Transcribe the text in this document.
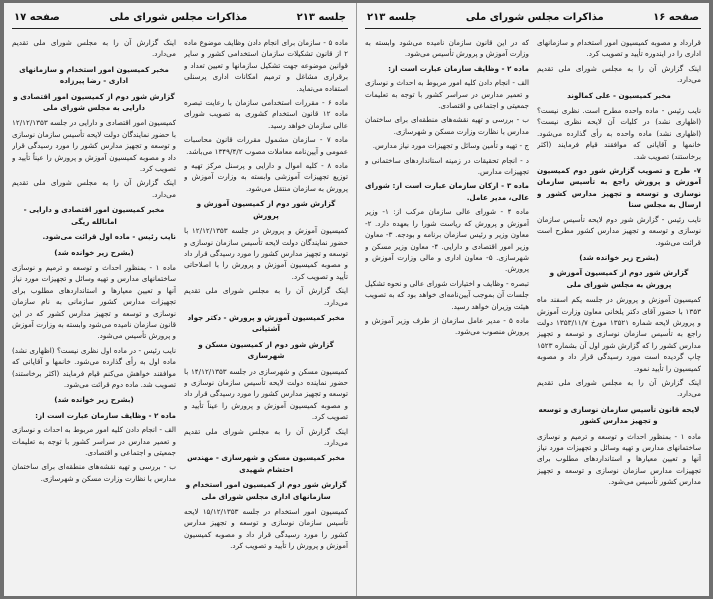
جلسه ۲۱۳
مذاکرات مجلس شورای ملی
صفحه ۱۷

ماده ۵ - سازمان برای انجام دادن وظایف موضوع ماده ۲ از قانون تشکیلات سازمان استخدامی کشور و سایر قوانین موضوعه جهت تشکیل سازمانها و تعیین تعداد و برقراری مشاغل و ترمیم امکانات اداری پرسنلی استفاده می‌نماید.

ماده ۶ - مقررات استخدامی سازمان با رعایت تبصره ماده ۱۲ قانون استخدام کشوری به تصویب شورای عالی سازمان خواهد رسید.

ماده ۷ - سازمان مشمول مقررات قانون محاسبات عمومی و آیین‌نامه معاملات مصوب ۱۳۴۹/۴/۲ می‌باشد.

ماده ۸ - کلیه اموال و دارایی و پرسنل مرکز تهیه و توزیع تجهیزات آموزشی وابسته به وزارت آموزش و پرورش به سازمان منتقل می‌شود.

گزارش شور دوم از کمیسیون آموزش و پرورش

کمیسیون آموزش و پرورش در جلسه ۱۲/۱۲/۱۳۵۳ با حضور نمایندگان دولت لایحه تأسیس سازمان نوسازی و توسعه و تجهیز مدارس کشور را مورد رسیدگی قرار داد و مصوبه کمیسیون آموزش و پرورش را با اصلاحاتی تأیید و تصویب کرد.

اینک گزارش آن را به مجلس شورای ملی تقدیم می‌دارد.

مخبر کمیسیون آموزش و پرورش - دکتر جواد آشتیانی

گزارش شور دوم از کمیسیون مسکن و شهرسازی

کمیسیون مسکن و شهرسازی در جلسه ۱۴/۱۲/۱۳۵۳ با حضور نماینده دولت لایحه تأسیس سازمان نوسازی و توسعه و تجهیز مدارس کشور را مورد رسیدگی قرار داد و مصوبه کمیسیون آموزش و پرورش را عیناً تأیید و تصویب کرد.

اینک گزارش آن را به مجلس شورای ملی تقدیم می‌دارد.

مخبر کمیسیون مسکن و شهرسازی - مهندس احتشام شهیدی

گزارش شور دوم از کمیسیون امور استخدام و سازمانهای اداری مجلس شورای ملی

کمیسیون امور استخدام در جلسه ۱۵/۱۲/۱۳۵۳ لایحه تأسیس سازمان نوسازی و توسعه و تجهیز مدارس کشور را مورد رسیدگی قرار داد و مصوبه کمیسیون آموزش و پرورش را تأیید و تصویب کرد.

اینک گزارش آن را به مجلس شورای ملی تقدیم می‌دارد.

مخبر کمیسیون امور استخدام و سازمانهای اداری - رضا پیرزاده

گزارش شور دوم از کمیسیون امور اقتصادی و دارایی به مجلس شورای ملی

کمیسیون امور اقتصادی و دارایی در جلسه ۱۲/۱۲/۱۳۵۳ با حضور نمایندگان دولت لایحه تأسیس سازمان نوسازی و توسعه و تجهیز مدارس کشور را مورد رسیدگی قرار داد و مصوبه کمیسیون آموزش و پرورش را عیناً تأیید و تصویب کرد.

اینک گزارش آن را به مجلس شورای ملی تقدیم می‌دارد.

مخبر کمیسیون امور اقتصادی و دارایی - امانالله ریگی

نایب رئیس - ماده اول قرائت می‌شود.

(بشرح زیر خوانده شد)

ماده ۱ - بمنظور احداث و توسعه و ترمیم و نوسازی ساختمانهای مدارس و تهیه وسائل و تجهیزات مورد نیاز آنها و تعیین معیارها و استانداردهای مطلوب برای تجهیزات مدارس کشور سازمانی به نام سازمان نوسازی و توسعه و تجهیز مدارس کشور که در این قانون سازمان نامیده می‌شود وابسته به وزارت آموزش و پرورش تأسیس می‌شود.

نایب رئیس - در ماده اول نظری نیست؟ (اظهاری نشد) ماده اول به رأی گذارده می‌شود. خانمها و آقایانی که موافقند خواهش می‌کنم قیام فرمایند (اکثر برخاستند) تصویب شد. ماده دوم قرائت می‌شود.

(بشرح زیر خوانده شد)

ماده ۲ - وظایف سازمان عبارت است از:

الف - انجام دادن کلیه امور مربوط به احداث و نوسازی و تعمیر مدارس در سراسر کشور با توجه به تعلیمات جمعیتی و اجتماعی و اقتصادی.

ب - بررسی و تهیه نقشه‌های منطقه‌ای برای ساختمان مدارس با نظارت وزارت مسکن و شهرسازی.

صفحه ۱۶
مذاکرات مجلس شورای ملی
جلسه ۲۱۳

قرارداد و مصوبه کمیسیون امور استخدام و سازمانهای اداری را در ایندوره تأیید و تصویب کرد.

اینک گزارش آن را به مجلس شورای ملی تقدیم می‌دارد.

مخبر کمیسیون - علی کمالوند

نایب رئیس - ماده واحده مطرح است. نظری نیست؟ (اظهاری نشد) در کلیات آن لایحه نظری نیست؟ (اظهاری نشد) ماده واحده به رأی گذارده می‌شود. خانمها و آقایانی که موافقند قیام فرمایند (اکثر برخاستند) تصویب شد.

۷- طرح و تصویب گزارش شور دوم کمیسیون آموزش و پرورش راجع به تأسیس سازمان نوسازی و توسعه و تجهیز مدارس کشور و ارسال به مجلس سنا

نایب رئیس - گزارش شور دوم لایحه تأسیس سازمان نوسازی و توسعه و تجهیز مدارس کشور مطرح است قرائت می‌شود.

(بشرح زیر خوانده شد)

گزارش شور دوم از کمیسیون آموزش و پرورش به مجلس شورای ملی

کمیسیون آموزش و پرورش در جلسه یکم اسفند ماه ۱۳۵۳ با حضور آقای دکتر یلخانی معاون وزارت آموزش و پرورش لایحه شماره ۱۳۵۲۱ مورخ ۱۳۵۳/۱۱/۷ دولت راجع به تأسیس سازمان نوسازی و توسعه و تجهیز مدارس کشور را که گزارش شور اول آن بشماره ۱۵۲۳ چاپ گردیده است مورد رسیدگی قرار داد و مصوبه کمیسیون را تأیید نمود.

اینک گزارش آن را به مجلس شورای ملی تقدیم می‌دارد.

لایحه قانون تأسیس سازمان نوسازی و توسعه و تجهیز مدارس کشور

ماده ۱ - بمنظور احداث و توسعه و ترمیم و نوسازی ساختمانهای مدارس و تهیه وسائل و تجهیزات مورد نیاز آنها و تعیین معیارها و استانداردهای مطلوب برای تجهیزات مدارس سازمان نوسازی و توسعه و تجهیز مدارس کشور تأسیس می‌شود.

که در این قانون سازمان نامیده می‌شود وابسته به وزارت آموزش و پرورش تأسیس می‌شود.

ماده ۲ - وظایف سازمان عبارت است از:

الف - انجام دادن کلیه امور مربوط به احداث و نوسازی و تعمیر مدارس در سراسر کشور با توجه به تعلیمات جمعیتی و اجتماعی و اقتصادی.

ب - بررسی و تهیه نقشه‌های منطقه‌ای برای ساختمان مدارس با نظارت وزارت مسکن و شهرسازی.

ج - تهیه و تأمین وسائل و تجهیزات مورد نیاز مدارس.

د - انجام تحقیقات در زمینه استانداردهای ساختمانی و تجهیزات مدارس.

ماده ۳ - ارکان سازمان عبارت است از: شورای عالی، مدیر عامل.

ماده ۴ - شورای عالی سازمان مرکب از: ۱- وزیر آموزش و پرورش که ریاست شورا را بعهده دارد. ۲- معاون وزیر و رئیس سازمان برنامه و بودجه. ۳- معاون وزیر امور اقتصادی و دارایی. ۴- معاون وزیر مسکن و شهرسازی. ۵- معاون اداری و مالی وزارت آموزش و پرورش.

تبصره - وظایف و اختیارات شورای عالی و نحوه تشکیل جلسات آن بموجب آیین‌نامه‌ای خواهد بود که به تصویب هیئت وزیران خواهد رسید.

ماده ۵ - مدیر عامل سازمان از طرف وزیر آموزش و پرورش منصوب می‌شود.
